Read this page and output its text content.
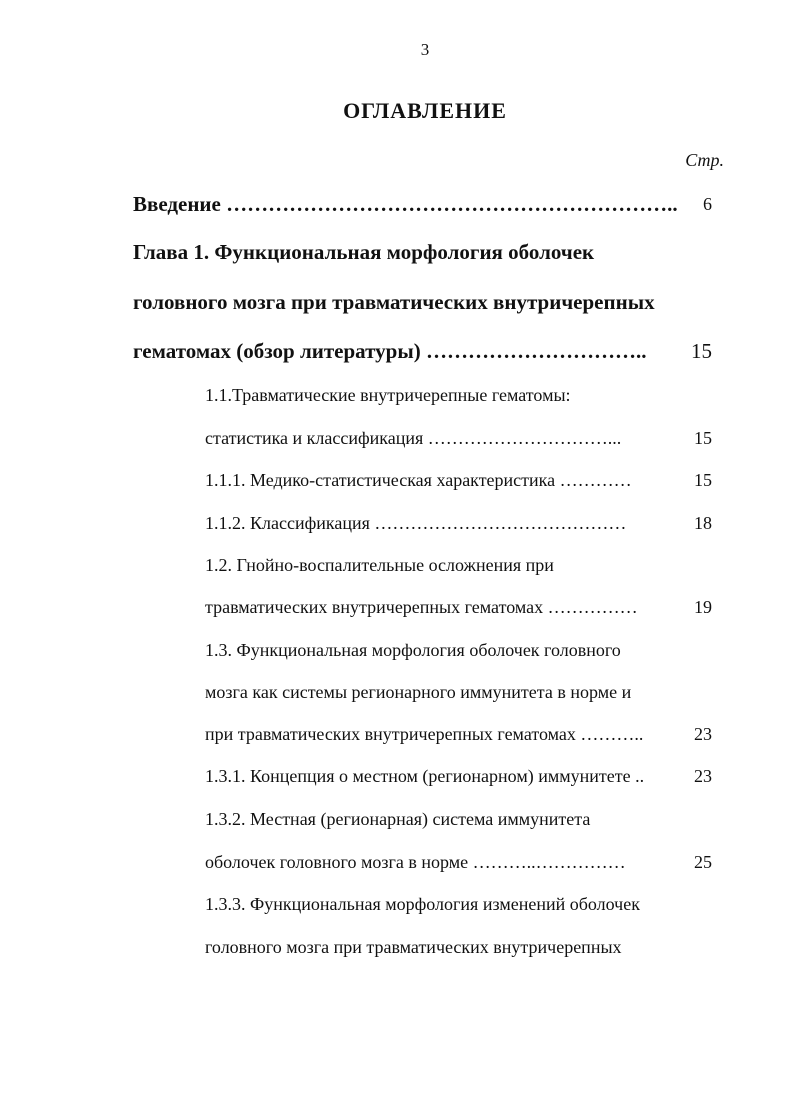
3
ОГЛАВЛЕНИЕ
Стр.
Введение ………………………………………………………..	6
Глава 1. Функциональная морфология оболочек
головного мозга при травматических внутричерепных
гематомах (обзор литературы) …………………………..	15
1.1.Травматические внутричерепные гематомы:
статистика и классификация …………………………...	15
1.1.1. Медико-статистическая характеристика …………	15
1.1.2. Классификация ……………………………………	18
1.2. Гнойно-воспалительные осложнения при
травматических внутричерепных гематомах ……………	19
1.3. Функциональная морфология оболочек головного
мозга как системы регионарного иммунитета в норме и
при травматических внутричерепных гематомах ………..	23
1.3.1. Концепция о местном (регионарном) иммунитете ..	23
1.3.2. Местная (регионарная) система иммунитета
оболочек головного мозга в норме ………..……………	25
1.3.3. Функциональная морфология изменений оболочек
головного мозга при травматических внутричерепных
